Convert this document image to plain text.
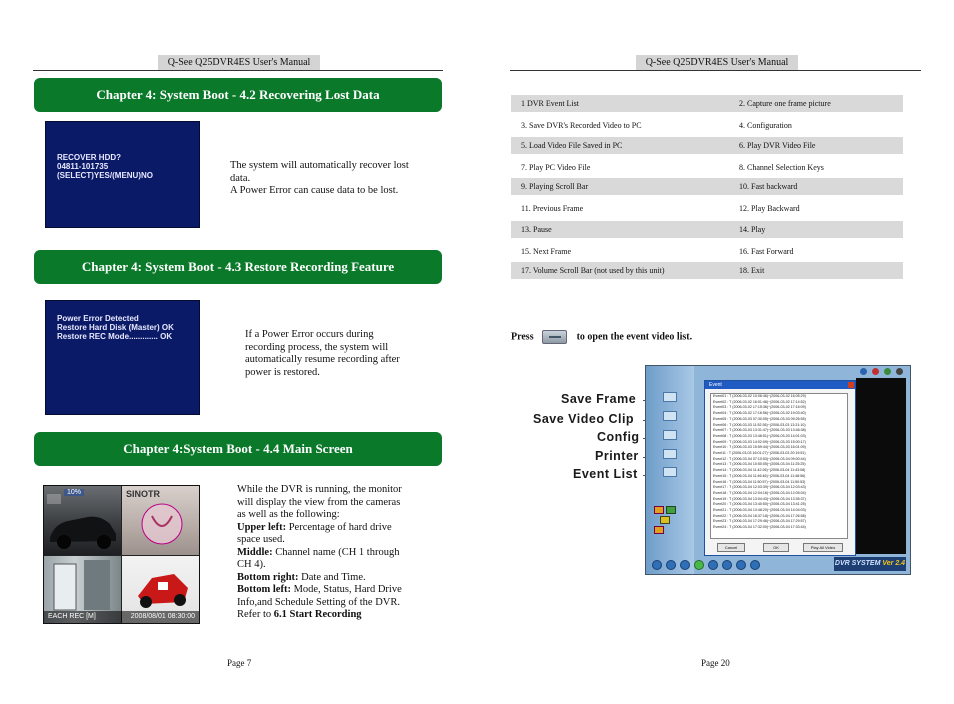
Q-See Q25DVR4ES User's Manual
Chapter 4: System Boot - 4.2 Recovering Lost Data
RECOVER HDD?
04811-101735
(SELECT)YES/(MENU)NO
The system will automatically recover lost
data.
A Power Error can cause data to be lost.
Chapter 4: System Boot - 4.3 Restore Recording Feature
Power Error Detected
Restore Hard Disk (Master) OK
Restore REC Mode............. OK	If a Power Error occurs during
recording process, the system will
automatically resume recording after
power is restored.
Chapter 4:System Boot - 4.4 Main Screen
10%	SINOTR
EACH REC [M]	2008/08/01 08:30:00
While the DVR is running, the monitor
will display the view from the cameras
as well as the following:
Upper left: Percentage of hard drive
space used.
Middle: Channel name (CH 1 through
CH 4).
Bottom right: Date and Time.
Bottom left: Mode, Status, Hard Drive
Info,and Schedule Setting of the DVR.
Refer to 6.1 Start Recording
Page 7
Q-See Q25DVR4ES User's Manual
1 DVR Event List	2. Capture one frame picture
3. Save DVR's Recorded Video to PC	4. Configuration
5. Load Video File Saved in PC	6. Play DVR Video File
7. Play PC Video File	8. Channel Selection Keys
9. Playing Scroll Bar	10. Fast backward
11. Previous Frame	12. Play Backward
13. Pause	14. Play
15. Next Frame	16. Fast Forward
17. Volume Scroll Bar (not used by this unit)	18. Exit
Press	to open the event video list.
Save Frame
Save Video Clip
Config
Printer
Event List
Event
Event01 : T (2006-03-02 10:06:46)~(2006-03-02 16:05:29)
Event02 : T (2006-03-02 16:01:46)~(2006-03-02 17:14:52)
Event03 : T (2006-03-02 17:15:36)~(2006-03-02 17:16:09)
Event04 : T (2006-03-02 17:16:56)~(2006-03-02 19:03:40)
Event05 : T (2006-03-03 07:30:05)~(2006-03-03 09:26:55)
Event06 : T (2006-03-03 11:52:36)~(2006-03-03 13:31:10)
Event07 : T (2006-03-03 13:31:47)~(2006-03-03 13:46:38)
Event08 : T (2006-03-03 13:46:51)~(2006-03-03 14:01:03)
Event09 : T (2006-03-03 14:02:09)~(2006-03-03 15:00:17)
Event10 : T (2006-03-03 15:59:44)~(2006-03-03 16:01:09)
Event11 : T (2006-03-03 16:01:27)~(2006-03-03 20:19:51)
Event12 : T (2006-03-04 07:10:53)~(2006-03-04 09:00:44)
Event13 : T (2006-03-04 10:50:05)~(2006-03-04 11:25:25)
Event14 : T (2006-03-04 11:42:26)~(2006-03-04 11:43:08)
Event15 : T (2006-03-04 11:46:46)~(2006-03-04 11:48:56)
Event16 : T (2006-03-04 11:50:57)~(2006-03-04 11:50:53)
Event17 : T (2006-03-04 12:03:39)~(2006-03-04 12:03:43)
Event18 : T (2006-03-04 12:04:16)~(2006-03-04 12:05:04)
Event19 : T (2006-03-04 13:04:43)~(2006-03-04 13:35:37)
Event20 : T (2006-03-04 13:40:50)~(2006-03-04 13:41:25)
Event21 : T (2006-03-04 13:48:20)~(2006-03-04 14:04:03)
Event22 : T (2006-03-04 16:37:18)~(2006-03-04 17:26:58)
Event23 : T (2006-03-04 17:29:46)~(2006-03-04 17:29:57)
Event24 : T (2006-03-04 17:32:00)~(2006-03-04 17:33:44)
Cancel	OK	Play All Video
DVR SYSTEM Ver 2.4
Page 20
